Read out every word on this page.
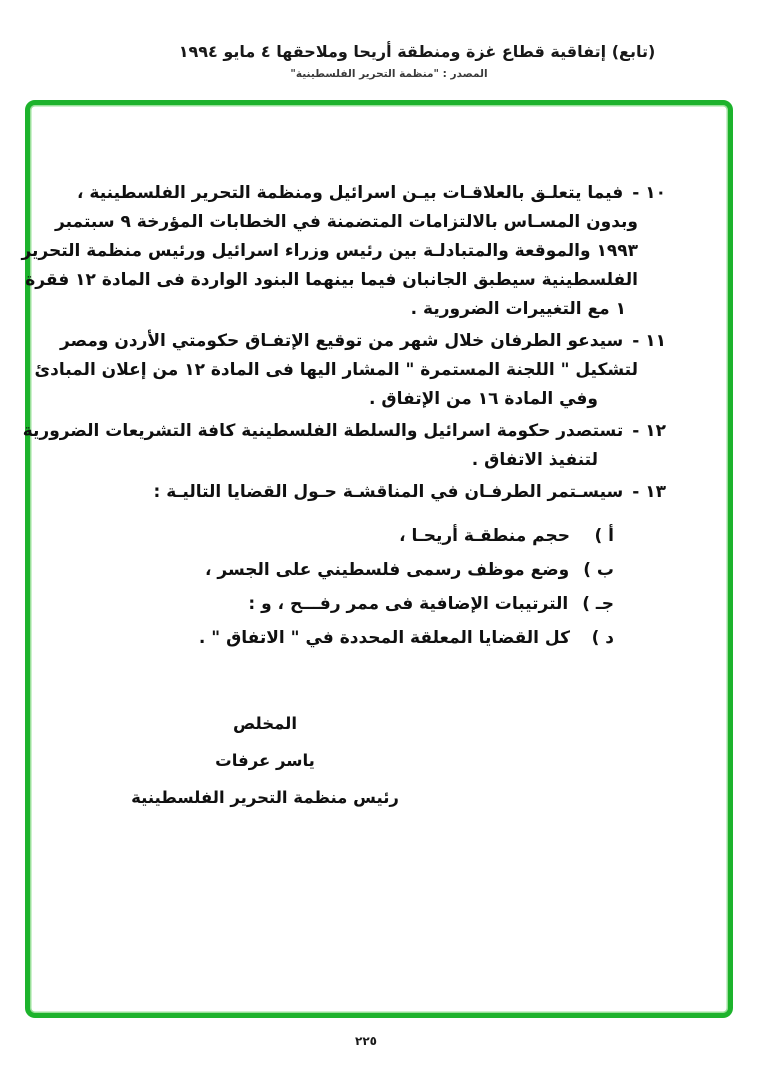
(تابع) إتفاقية قطاع غزة ومنطقة أريحا وملاحقها ٤ مايو ١٩٩٤
المصدر : "منظمة التحرير الفلسطينية"
١٠ -فيما يتعلـق بالعلاقـات بيـن اسرائيل ومنظمة التحرير الفلسطينية ،
وبدون المسـاس بالالتزامات المتضمنة في الخطابات المؤرخة ٩ سبتمبر
١٩٩٣ والموقعة والمتبادلـة بين رئيس وزراء اسرائيل ورئيس منظمة التحرير
الفلسطينية سيطبق الجانبان فيما بينهما البنود الواردة فى المادة ١٢ فقرة
١ مع التغييرات الضرورية .
١١ -سيدعو الطرفان خلال شهر من توقيع الإتفـاق حكومتي الأردن ومصر
لتشكيل " اللجنة المستمرة " المشار اليها فى المادة ١٢ من إعلان المبادئ
وفي المادة ١٦ من الإتفاق .
١٢ -تستصدر حكومة اسرائيل والسلطة الفلسطينية كافة التشريعات الضرورية
لتنفيذ الاتفاق .
١٣ -سيسـتمر الطرفـان في المناقشـة حـول القضايا التاليـة :
أ )حجم منطقـة أريحـا ،
ب )وضع موظف رسمى فلسطيني على الجسر ،
جـ )الترتيبات الإضافية فى ممر رفـــح ، و :
د )كل القضايا المعلقة المحددة في " الاتفاق " .
المخلص
ياسر عرفات
رئيس منظمة التحرير الفلسطينية
٢٢٥
